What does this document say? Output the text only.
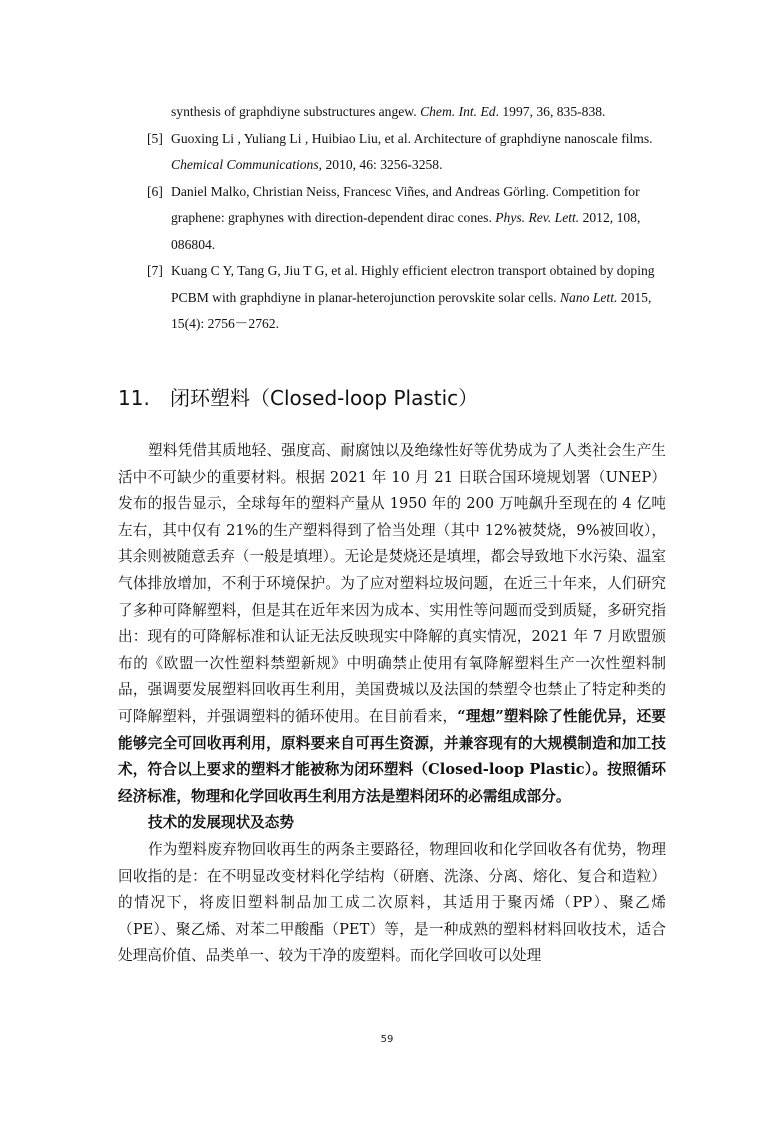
synthesis of graphdiyne substructures angew. Chem. Int. Ed. 1997, 36, 835-838.

[5] Guoxing Li , Yuliang Li , Huibiao Liu, et al. Architecture of graphdiyne nanoscale films. Chemical Communications, 2010, 46: 3256-3258.

[6] Daniel Malko, Christian Neiss, Francesc Viñes, and Andreas Görling. Competition for graphene: graphynes with direction-dependent dirac cones. Phys. Rev. Lett. 2012, 108, 086804.

[7] Kuang C Y, Tang G, Jiu T G, et al. Highly efficient electron transport obtained by doping PCBM with graphdiyne in planar-heterojunction perovskite solar cells. Nano Lett. 2015, 15(4): 2756－2762.

11. 闭环塑料（Closed-loop Plastic）

塑料凭借其质地轻、强度高、耐腐蚀以及绝缘性好等优势成为了人类社会生产生活中不可缺少的重要材料。根据 2021 年 10 月 21 日联合国环境规划署（UNEP）发布的报告显示，全球每年的塑料产量从 1950 年的 200 万吨飙升至现在的 4 亿吨左右，其中仅有 21%的生产塑料得到了恰当处理（其中 12%被焚烧，9%被回收），其余则被随意丢弃（一般是填埋）。无论是焚烧还是填埋，都会导致地下水污染、温室气体排放增加，不利于环境保护。为了应对塑料垃圾问题，在近三十年来，人们研究了多种可降解塑料，但是其在近年来因为成本、实用性等问题而受到质疑，多研究指出：现有的可降解标准和认证无法反映现实中降解的真实情况，2021 年 7 月欧盟颁布的《欧盟一次性塑料禁塑新规》中明确禁止使用有氧降解塑料生产一次性塑料制品，强调要发展塑料回收再生利用，美国费城以及法国的禁塑令也禁止了特定种类的可降解塑料，并强调塑料的循环使用。在目前看来，“理想”塑料除了性能优异，还要能够完全可回收再利用，原料要来自可再生资源，并兼容现有的大规模制造和加工技术，符合以上要求的塑料才能被称为闭环塑料（Closed-loop Plastic）。按照循环经济标准，物理和化学回收再生利用方法是塑料闭环的必需组成部分。

技术的发展现状及态势

作为塑料废弃物回收再生的两条主要路径，物理回收和化学回收各有优势，物理回收指的是：在不明显改变材料化学结构（研磨、洗涤、分离、熔化、复合和造粒）的情况下，将废旧塑料制品加工成二次原料，其适用于聚丙烯（PP）、聚乙烯（PE）、聚乙烯、对苯二甲酸酯（PET）等，是一种成熟的塑料材料回收技术，适合处理高价值、品类单一、较为干净的废塑料。而化学回收可以处理

59
